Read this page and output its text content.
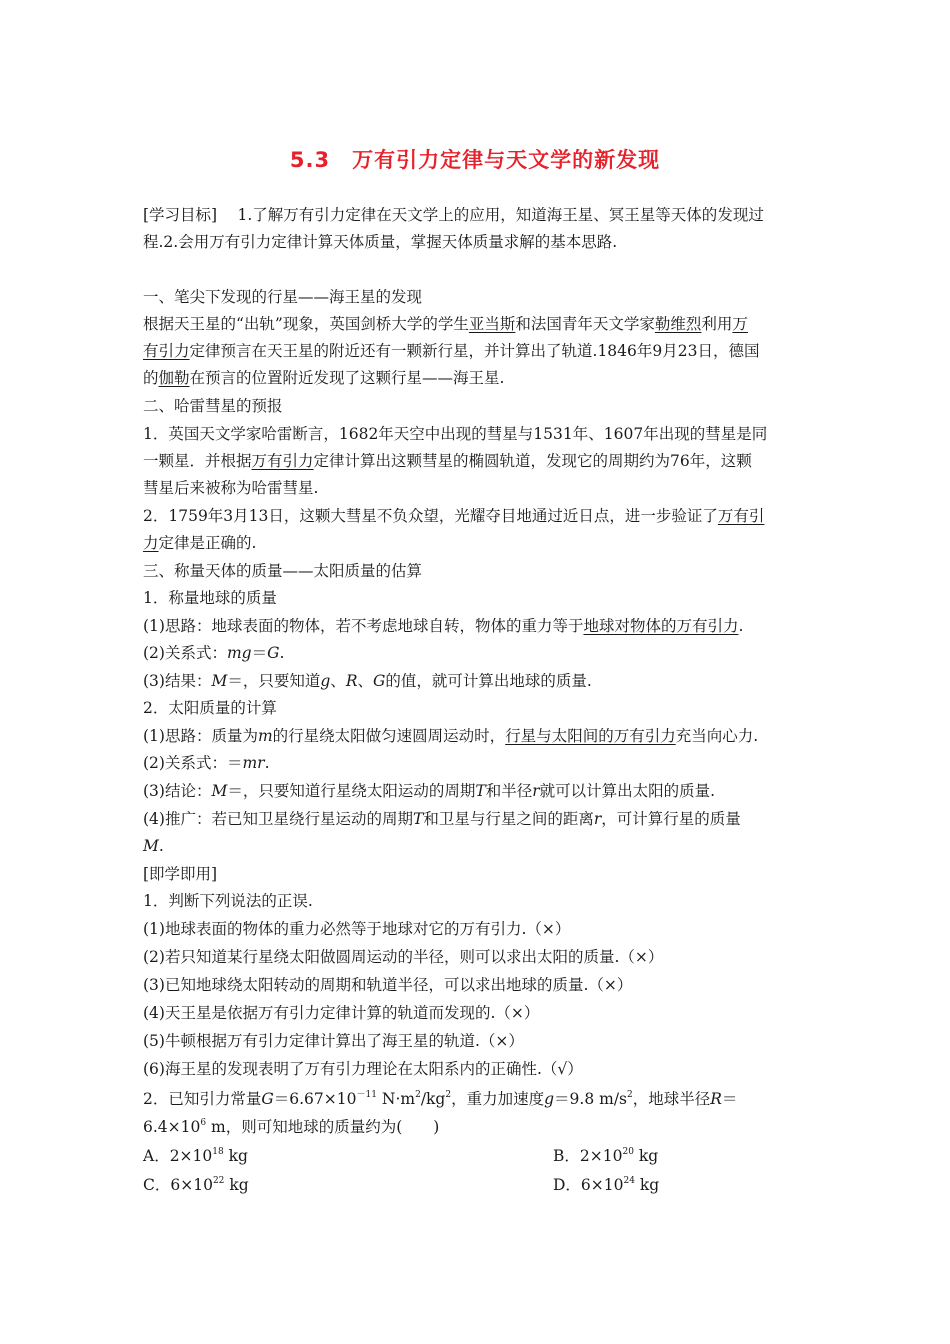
5.3　万有引力定律与天文学的新发现
[学习目标]　 1.了解万有引力定律在天文学上的应用，知道海王星、冥王星等天体的发现过
程.2.会用万有引力定律计算天体质量，掌握天体质量求解的基本思路.
一、笔尖下发现的行星——海王星的发现
根据天王星的“出轨”现象，英国剑桥大学的学生亚当斯和法国青年天文学家勒维烈利用万
有引力定律预言在天王星的附近还有一颗新行星，并计算出了轨道.1846年9月23日，德国
的伽勒在预言的位置附近发现了这颗行星——海王星.
二、哈雷彗星的预报
1．英国天文学家哈雷断言，1682年天空中出现的彗星与1531年、1607年出现的彗星是同
一颗星．并根据万有引力定律计算出这颗彗星的椭圆轨道，发现它的周期约为76年，这颗
彗星后来被称为哈雷彗星.
2．1759年3月13日，这颗大彗星不负众望，光耀夺目地通过近日点，进一步验证了万有引
力定律是正确的.
三、称量天体的质量——太阳质量的估算
1．称量地球的质量
(1)思路：地球表面的物体，若不考虑地球自转，物体的重力等于地球对物体的万有引力.
(2)关系式：mg＝G.
(3)结果：M＝，只要知道g、R、G的值，就可计算出地球的质量.
2．太阳质量的计算
(1)思路：质量为m的行星绕太阳做匀速圆周运动时，行星与太阳间的万有引力充当向心力.
(2)关系式：＝mr.
(3)结论：M＝，只要知道行星绕太阳运动的周期T和半径r就可以计算出太阳的质量.
(4)推广：若已知卫星绕行星运动的周期T和卫星与行星之间的距离r，可计算行星的质量
M.
[即学即用]
1．判断下列说法的正误.
(1)地球表面的物体的重力必然等于地球对它的万有引力.（×）
(2)若只知道某行星绕太阳做圆周运动的半径，则可以求出太阳的质量.（×）
(3)已知地球绕太阳转动的周期和轨道半径，可以求出地球的质量.（×）
(4)天王星是依据万有引力定律计算的轨道而发现的.（×）
(5)牛顿根据万有引力定律计算出了海王星的轨道.（×）
(6)海王星的发现表明了万有引力理论在太阳系内的正确性.（√）
2．已知引力常量$G=6.67\times 10^{-11}$ $N\cdot m^2/kg^2$，重力加速度g＝9.8 $m/s^2$，地球半径R＝
$6.4\times 10^6$ m，则可知地球的质量约为(　　)
A．$2\times 10^{18}$ kg	B．$2\times 10^{20}$ kg
C．$6\times 10^{22}$ kg	D．$6\times 10^{24}$ kg
